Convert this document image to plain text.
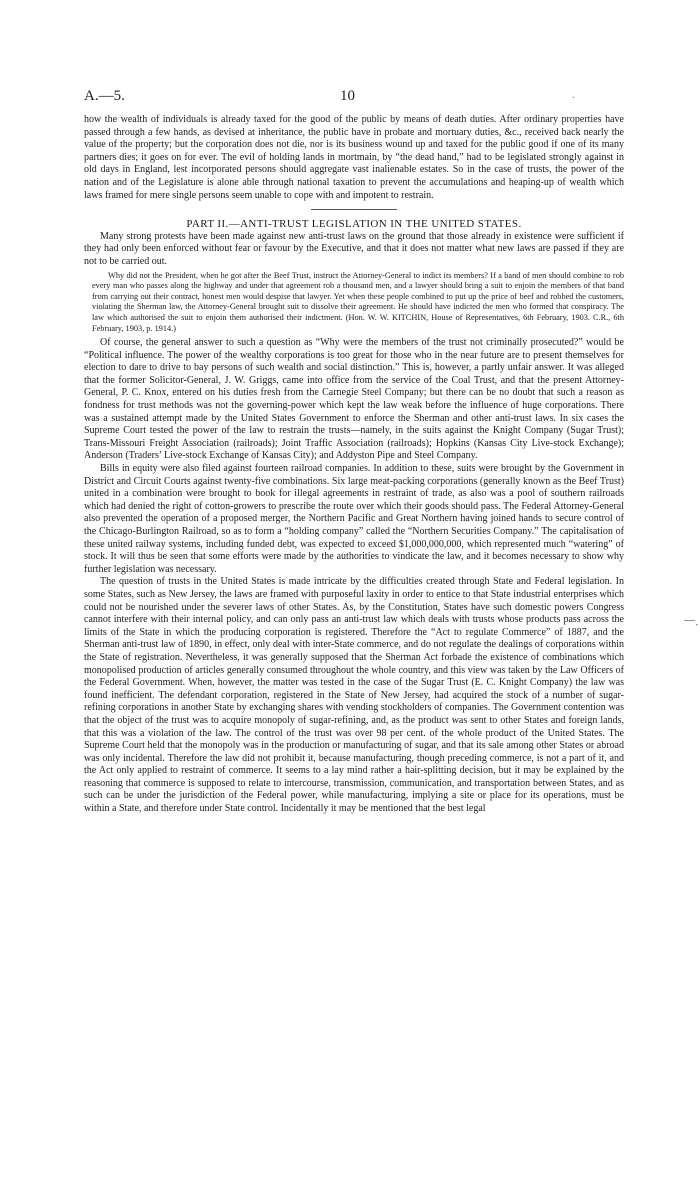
A.—5.	10	.

how the wealth of individuals is already taxed for the good of the public by means of death duties. After ordinary properties have passed through a few hands, as devised at inheritance, the public have in probate and mortuary duties, &c., received back nearly the value of the property; but the corporation does not die, nor is its business wound up and taxed for the public good if one of its many partners dies; it goes on for ever. The evil of holding lands in mortmain, by “the dead hand,” had to be legislated strongly against in old days in England, lest incorporated persons should aggregate vast inalienable estates. So in the case of trusts, the power of the nation and of the Legislature is alone able through national taxation to prevent the accumulations and heaping-up of wealth which laws framed for mere single persons seem unable to cope with and impotent to restrain.

PART II.—ANTI-TRUST LEGISLATION IN THE UNITED STATES.

Many strong protests have been made against new anti-trust laws on the ground that those already in existence were sufficient if they had only been enforced without fear or favour by the Executive, and that it does not matter what new laws are passed if they are not to be carried out.

Why did not the President, when he got after the Beef Trust, instruct the Attorney-General to indict its members? If a band of men should combine to rob every man who passes along the highway and under that agreement rob a thousand men, and a lawyer should bring a suit to enjoin the members of that band from carrying out their contract, honest men would despise that lawyer. Yet when these people combined to put up the price of beef and robbed the customers, violating the Sherman law, the Attorney-General brought suit to dissolve their agreement. He should have indicted the men who formed that conspiracy. The law which authorised the suit to enjoin them authorised their indictment. (Hon. W. W. KITCHIN, House of Representatives, 6th February, 1903. C.R., 6th February, 1903, p. 1914.)

Of course, the general answer to such a question as “Why were the members of the trust not criminally prosecuted?” would be “Political influence. The power of the wealthy corporations is too great for those who in the near future are to present themselves for election to dare to drive to bay persons of such wealth and social distinction.” This is, however, a partly unfair answer. It was alleged that the former Solicitor-General, J. W. Griggs, came into office from the service of the Coal Trust, and that the present Attorney-General, P. C. Knox, entered on his duties fresh from the Carnegie Steel Company; but there can be no doubt that such a reason as fondness for trust methods was not the governing-power which kept the law weak before the influence of huge corporations. There was a sustained attempt made by the United States Government to enforce the Sherman and other anti-trust laws. In six cases the Supreme Court tested the power of the law to restrain the trusts—namely, in the suits against the Knight Company (Sugar Trust); Trans-Missouri Freight Association (railroads); Joint Traffic Association (railroads); Hopkins (Kansas City Live-stock Exchange); Anderson (Traders’ Live-stock Exchange of Kansas City); and Addyston Pipe and Steel Company.

Bills in equity were also filed against fourteen railroad companies. In addition to these, suits were brought by the Government in District and Circuit Courts against twenty-five combinations. Six large meat-packing corporations (generally known as the Beef Trust) united in a combination were brought to book for illegal agreements in restraint of trade, as also was a pool of southern railroads which had denied the right of cotton-growers to prescribe the route over which their goods should pass. The Federal Attorney-General also prevented the operation of a proposed merger, the Northern Pacific and Great Northern having joined hands to secure control of the Chicago-Burlington Railroad, so as to form a “holding company” called the “Northern Securities Company.” The capitalisation of these united railway systems, including funded debt, was expected to exceed $1,000,000,000, which represented much “watering” of stock. It will thus be seen that some efforts were made by the authorities to vindicate the law, and it becomes necessary to show why further legislation was necessary.

The question of trusts in the United States is made intricate by the difficulties created through State and Federal legislation. In some States, such as New Jersey, the laws are framed with purposeful laxity in order to entice to that State industrial enterprises which could not be nourished under the severer laws of other States. As, by the Constitution, States have such domestic powers Congress cannot interfere with their internal policy, and can only pass an anti-trust law which deals with trusts whose products pass across the limits of the State in which the producing corporation is registered. Therefore the “Act to regulate Commerce” of 1887, and the Sherman anti-trust law of 1890, in effect, only deal with inter-State commerce, and do not regulate the dealings of corporations within the State of registration. Nevertheless, it was generally supposed that the Sherman Act forbade the existence of combinations which monopolised production of articles generally consumed throughout the whole country, and this view was taken by the Law Officers of the Federal Government. When, however, the matter was tested in the case of the Sugar Trust (E. C. Knight Company) the law was found inefficient. The defendant corporation, registered in the State of New Jersey, had acquired the stock of a number of sugar-refining corporations in another State by exchanging shares with vending stockholders of companies. The Government contention was that the object of the trust was to acquire monopoly of sugar-refining, and, as the product was sent to other States and foreign lands, that this was a violation of the law. The control of the trust was over 98 per cent. of the whole product of the United States. The Supreme Court held that the monopoly was in the production or manufacturing of sugar, and that its sale among other States or abroad was only incidental. Therefore the law did not prohibit it, because manufacturing, though preceding commerce, is not a part of it, and the Act only applied to restraint of commerce. It seems to a lay mind rather a hair-splitting decision, but it may be explained by the reasoning that commerce is supposed to relate to intercourse, transmission, communication, and transportation between States, and as such can be under the jurisdiction of the Federal power, while manufacturing, implying a site or place for its operations, must be within a State, and therefore under State control. Incidentally it may be mentioned that the best legal

—ˎ
